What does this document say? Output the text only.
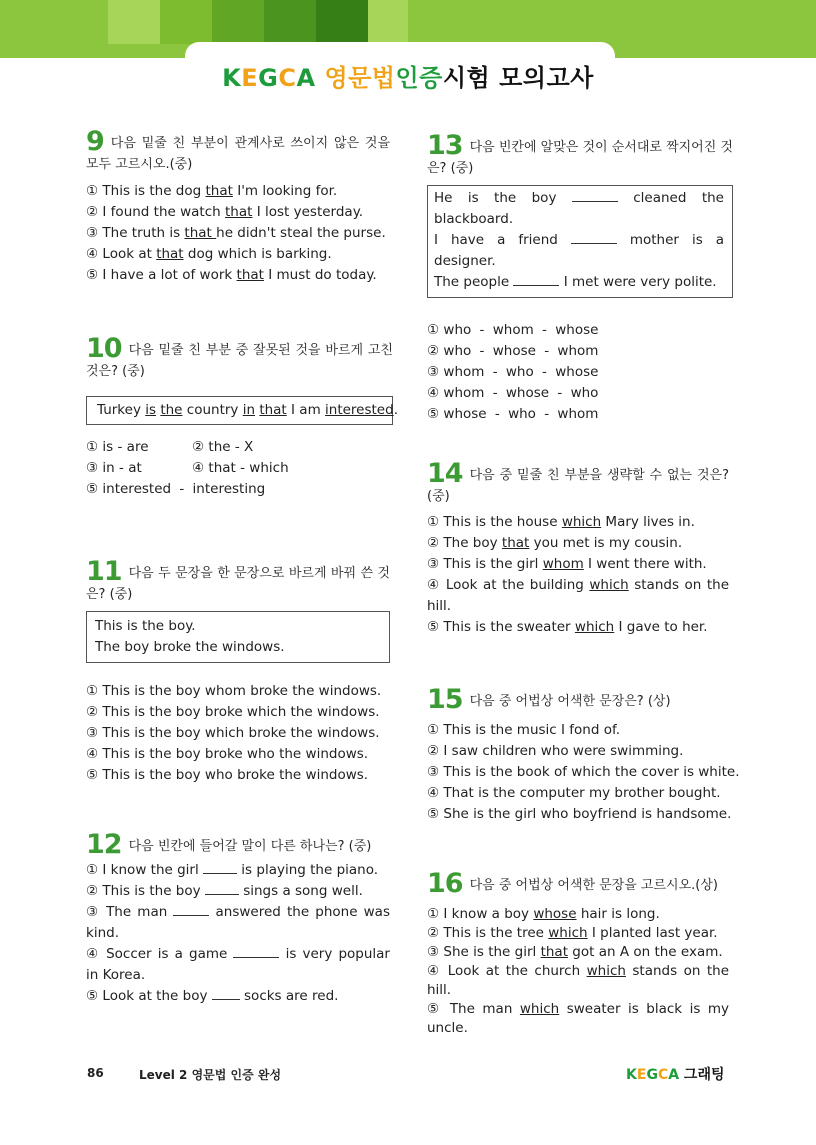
KEGCA 영문법인증시험 모의고사
9 다음 밑줄 친 부분이 관계사로 쓰이지 않은 것을 모두 고르시오.(중)
① This is the dog that I'm looking for.
② I found the watch that I lost yesterday.
③ The truth is that he didn't steal the purse.
④ Look at that dog which is barking.
⑤ I have a lot of work that I must do today.
10 다음 밑줄 친 부분 중 잘못된 것을 바르게 고친 것은? (중)
Turkey is the country in that I am interested.
① is - are	② the - X
③ in - at	④ that - which
⑤ interested - interesting
11 다음 두 문장을 한 문장으로 바르게 바꿔 쓴 것은? (중)
This is the boy.
The boy broke the windows.
① This is the boy whom broke the windows.
② This is the boy broke which the windows.
③ This is the boy which broke the windows.
④ This is the boy broke who the windows.
⑤ This is the boy who broke the windows.
12 다음 빈칸에 들어갈 말이 다른 하나는? (중)
① I know the girl	is playing the piano.
② This is the boy	sings a song well.
③ The man	answered the phone was kind.
④ Soccer is a game	is very popular in Korea.
⑤ Look at the boy  socks are red.
13 다음 빈칸에 알맞은 것이 순서대로 짝지어진 것은? (중)
He is the boy	cleaned the blackboard.
I have a friend	mother is a designer.
The people	I met were very polite.
① who - whom - whose
② who - whose - whom
③ whom - who - whose
④ whom - whose - who
⑤ whose - who - whom
14 다음 중 밑줄 친 부분을 생략할 수 없는 것은? (중)
① This is the house which Mary lives in.
② The boy that you met is my cousin.
③ This is the girl whom I went there with.
④ Look at the building which stands on the hill.
⑤ This is the sweater which I gave to her.
15 다음 중 어법상 어색한 문장은? (상)
① This is the music I fond of.
② I saw children who were swimming.
③ This is the book of which the cover is white.
④ That is the computer my brother bought.
⑤ She is the girl who boyfriend is handsome.
16 다음 중 어법상 어색한 문장을 고르시오.(상)
① I know a boy whose hair is long.
② This is the tree which I planted last year.
③ She is the girl that got an A on the exam.
④ Look at the church which stands on the hill.
⑤ The man which sweater is black is my uncle.
86	Level 2 영문법 인증 완성	KEGCA 그래팅
